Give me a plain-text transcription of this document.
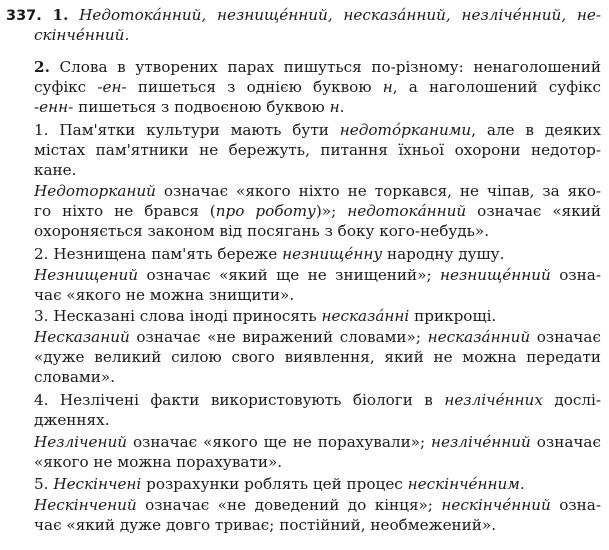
337. 1. Недотока́нний, незнище́нний, несказа́нний, незліче́нний, не-
скінче́нний.
2. Слова в утворених парах пишуться по-різному: ненаголошений
суфікс -ен- пишеться з однією буквою н, а наголошений суфікс
-енн- пишеться з подвоєною буквою н.
1. Пам'ятки культури мають бути недото́рканими, але в деяких
містах пам'ятники не бережуть, питання їхньої охорони недотор-
кане.
Недоторканий означає «якого ніхто не торкався, не чіпав, за яко-
го ніхто не брався (про роботу)»; недотока́нний означає «який
охороняється законом від посягань з боку кого-небудь».
2. Незнищена пам'ять береже незнище́нну народну душу.
Незнищений означає «який ще не знищений»; незнище́нний озна-
чає «якого не можна знищити».
3. Несказані слова іноді приносять несказа́нні прикрощі.
Несказаний означає «не виражений словами»; несказа́нний означає
«дуже великий силою свого виявлення, який не можна передати
словами».
4. Незлічені факти використовують біологи в незліче́нних дослі-
дженнях.
Незлічений означає «якого ще не порахували»; незліче́нний означає
«якого не можна порахувати».
5. Нескінчені розрахунки роблять цей процес нескінче́нним.
Нескінчений означає «не доведений до кінця»; нескінче́нний озна-
чає «який дуже довго триває; постійний, необмежений».
